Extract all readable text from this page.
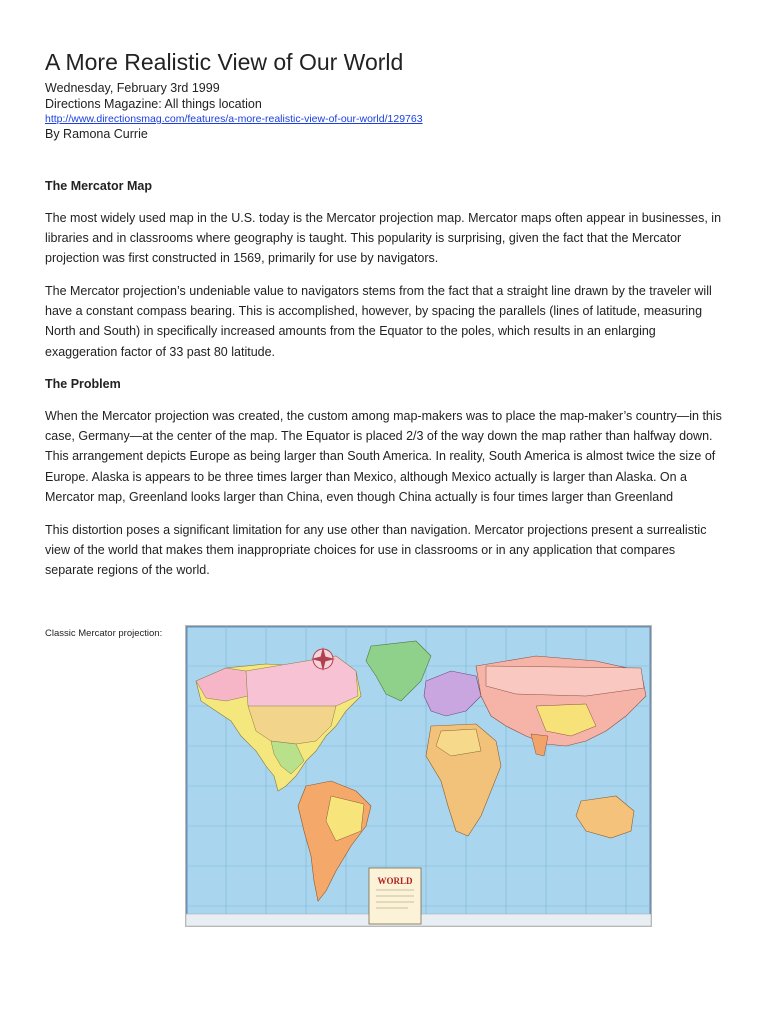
A More Realistic View of Our World

Wednesday, February 3rd 1999

Directions Magazine: All things location

http://www.directionsmag.com/features/a-more-realistic-view-of-our-world/129763

By Ramona Currie

The Mercator Map

The most widely used map in the U.S. today is the Mercator projection map. Mercator maps often appear in businesses, in libraries and in classrooms where geography is taught. This popularity is surprising, given the fact that the Mercator projection was first constructed in 1569, primarily for use by navigators.

The Mercator projection’s undeniable value to navigators stems from the fact that a straight line drawn by the traveler will have a constant compass bearing. This is accomplished, however, by spacing the parallels (lines of latitude, measuring North and South) in specifically increased amounts from the Equator to the poles, which results in an enlarging exaggeration factor of 33 past 80 latitude.

The Problem

When the Mercator projection was created, the custom among map-makers was to place the map-maker’s country—in this case, Germany—at the center of the map. The Equator is placed 2/3 of the way down the map rather than halfway down. This arrangement depicts Europe as being larger than South America. In reality, South America is almost twice the size of Europe. Alaska is appears to be three times larger than Mexico, although Mexico actually is larger than Alaska. On a Mercator map, Greenland looks larger than China, even though China actually is four times larger than Greenland

This distortion poses a significant limitation for any use other than navigation. Mercator projections present a surrealistic view of the world that makes them inappropriate choices for use in classrooms or in any application that compares separate regions of the world.

Classic Mercator projection:
WORLD
